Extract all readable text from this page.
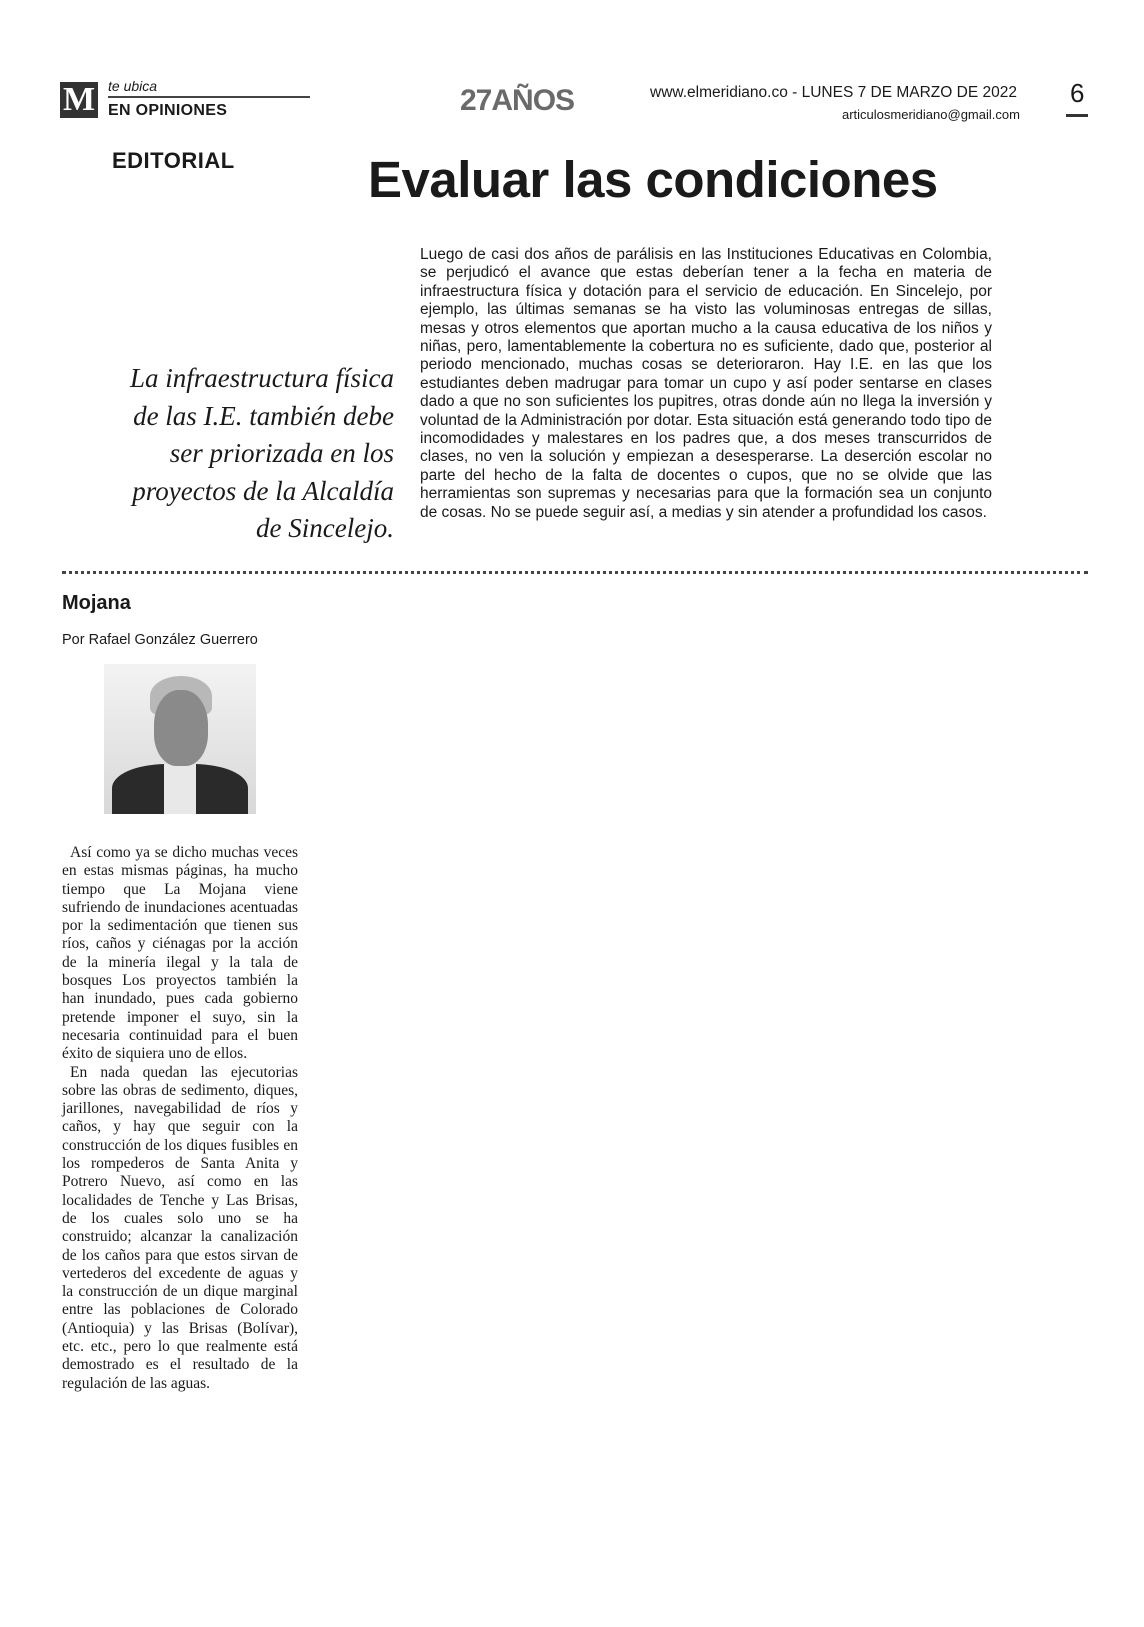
M te ubica
EN OPINIONES	27AÑOS	www.elmeridiano.co - LUNES 7 DE MARZO DE 2022
articulosmeridiano@gmail.com
6
EDITORIAL	Evaluar las condiciones

La infraestructura física de las I.E. también debe ser priorizada en los proyectos de la Alcaldía de Sincelejo.

Luego de casi dos años de parálisis en las Instituciones Educativas en Colombia, se perjudicó el avance que estas deberían tener a la fecha en materia de infraestructura física y dotación para el servicio de educación. En Sincelejo, por ejemplo, las últimas semanas se ha visto las voluminosas entregas de sillas, mesas y otros elementos que aportan mucho a la causa educativa de los niños y niñas, pero, lamentablemente la cobertura no es suficiente, dado que, posterior al periodo mencionado, muchas cosas se deterioraron. Hay I.E. en las que los estudiantes deben madrugar para tomar un cupo y así poder sentarse en clases dado a que no son suficientes los pupitres, otras donde aún no llega la inversión y voluntad de la Administración por dotar. Esta situación está generando todo tipo de incomodidades y malestares en los padres que, a dos meses transcurridos de clases, no ven la solución y empiezan a desesperarse. La deserción escolar no parte del hecho de la falta de docentes o cupos, que no se olvide que las herramientas son supremas y necesarias para que la formación sea un conjunto de cosas. No se puede seguir así, a medias y sin atender a profundidad los casos.

Mojana
Por Rafael González Guerrero

Así como ya se dicho muchas veces en estas mismas páginas, ha mucho tiempo que La Mojana viene sufriendo de inundaciones acentuadas por la sedimentación que tienen sus ríos, caños y ciénagas por la acción de la minería ilegal y la tala de bosques Los proyectos también la han inundado, pues cada gobierno pretende imponer el suyo, sin la necesaria continuidad para el buen éxito de siquiera uno de ellos.

En nada quedan las ejecutorias sobre las obras de sedimento, diques, jarillones, navegabilidad de ríos y caños, y hay que seguir con la construcción de los diques fusibles en los rompederos de Santa Anita y Potrero Nuevo, así como en las localidades de Tenche y Las Brisas, de los cuales solo uno se ha construido; alcanzar la canalización de los caños para que estos sirvan de vertederos del excedente de aguas y la construcción de un dique marginal entre las poblaciones de Colorado (Antioquia) y las Brisas (Bolívar), etc. etc., pero lo que realmente está demostrado es el resultado de la regulación de las aguas.
